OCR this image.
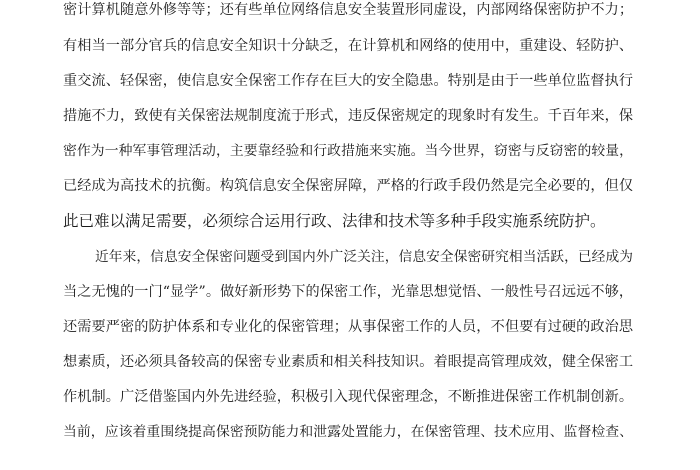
密计算机随意外修等等；还有些单位网络信息安全装置形同虚设，内部网络保密防护不力；
有相当一部分官兵的信息安全知识十分缺乏，在计算机和网络的使用中，重建设、轻防护、
重交流、轻保密，使信息安全保密工作存在巨大的安全隐患。特别是由于一些单位监督执行
措施不力，致使有关保密法规制度流于形式，违反保密规定的现象时有发生。千百年来，保
密作为一种军事管理活动，主要靠经验和行政措施来实施。当今世界，窃密与反窃密的较量，
已经成为高技术的抗衡。构筑信息安全保密屏障，严格的行政手段仍然是完全必要的，但仅
此已难以满足需要，必须综合运用行政、法律和技术等多种手段实施系统防护。
近年来，信息安全保密问题受到国内外广泛关注，信息安全保密研究相当活跃，已经成为
当之无愧的一门“显学”。做好新形势下的保密工作，光靠思想觉悟、一般性号召远远不够，
还需要严密的防护体系和专业化的保密管理；从事保密工作的人员，不但要有过硬的政治思
想素质，还必须具备较高的保密专业素质和相关科技知识。着眼提高管理成效，健全保密工
作机制。广泛借鉴国内外先进经验，积极引入现代保密理念，不断推进保密工作机制创新。
当前，应该着重围绕提高保密预防能力和泄露处置能力，在保密管理、技术应用、监督检查、
